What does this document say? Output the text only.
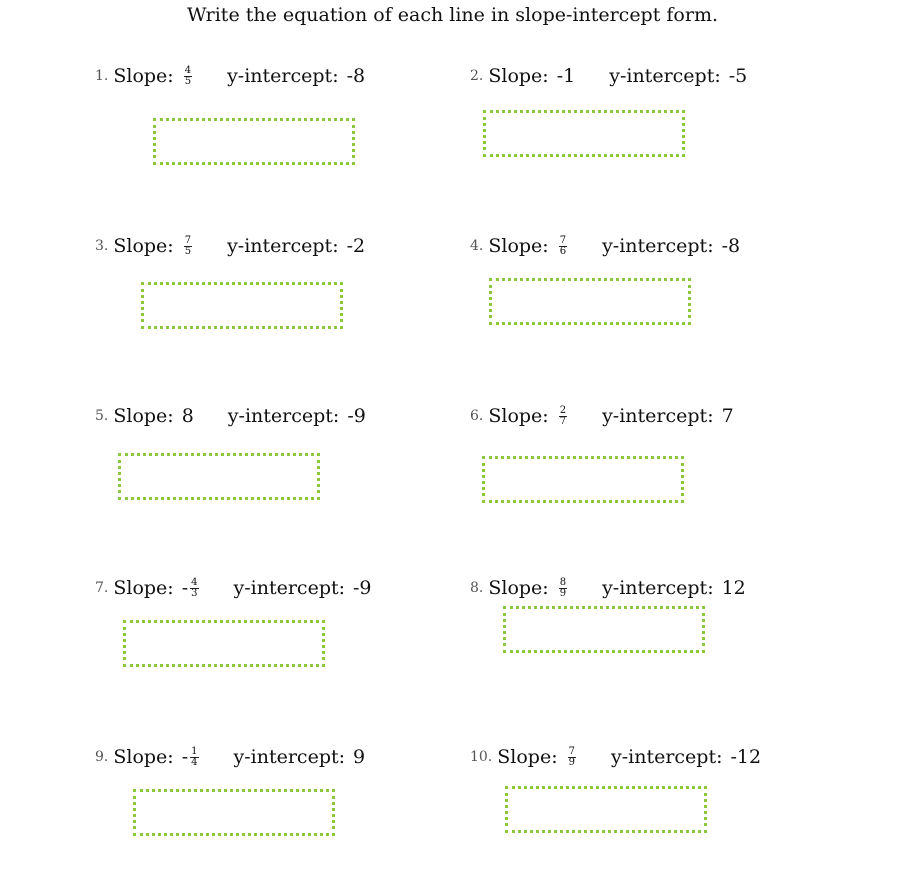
Write the equation of each line in slope-intercept form.
1. Slope: $\frac{4}{5}$ y-intercept: -8	2. Slope: -1 y-intercept: -5
3. Slope: $\frac{7}{5}$ y-intercept: -2	4. Slope: $\frac{7}{6}$ y-intercept: -8
5. Slope: 8 y-intercept: -9	6. Slope: $\frac{2}{7}$ y-intercept: 7
7. Slope: - $\frac{4}{3}$ y-intercept: -9	8. Slope: $\frac{8}{9}$ y-intercept: 12
9. Slope: - $\frac{1}{4}$ y-intercept: 9	10. Slope: $\frac{7}{9}$ y-intercept: -12
